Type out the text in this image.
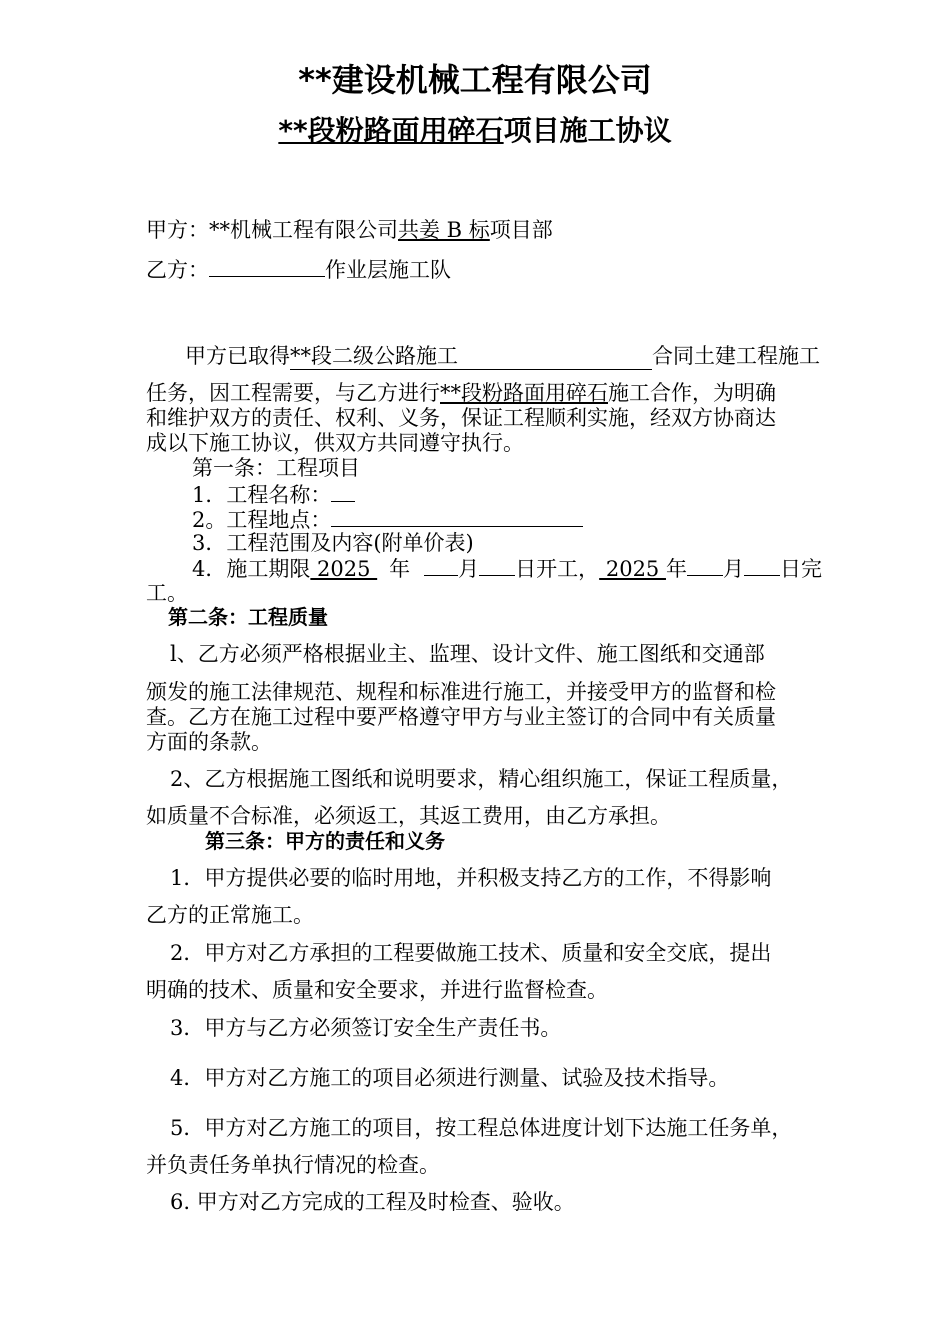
**建设机械工程有限公司
**段粉路面用碎石项目施工协议
甲方：**机械工程有限公司共姜 B 标项目部
乙方：	作业层施工队
甲方已取得**段二级公路施工	合同土建工程施工
任务，因工程需要，与乙方进行**段粉路面用碎石施工合作，为明确
和维护双方的责任、权利、义务，保证工程顺利实施，经双方协商达
成以下施工协议，供双方共同遵守执行。
第一条：工程项目
1．工程名称：
2。工程地点：
3．工程范围及内容(附单价表)
4．施工期限 2025 年 月 日开工， 2025 年 月 日完
工。
第二条：工程质量
l、乙方必须严格根据业主、监理、设计文件、施工图纸和交通部
颁发的施工法律规范、规程和标准进行施工，并接受甲方的监督和检
查。乙方在施工过程中要严格遵守甲方与业主签订的合同中有关质量
方面的条款。
2、乙方根据施工图纸和说明要求，精心组织施工，保证工程质量，
如质量不合标准，必须返工，其返工费用，由乙方承担。
第三条：甲方的责任和义务
1．甲方提供必要的临时用地，并积极支持乙方的工作，不得影响
乙方的正常施工。
2．甲方对乙方承担的工程要做施工技术、质量和安全交底，提出
明确的技术、质量和安全要求，并进行监督检查。
3．甲方与乙方必须签订安全生产责任书。
4．甲方对乙方施工的项目必须进行测量、试验及技术指导。
5．甲方对乙方施工的项目，按工程总体进度计划下达施工任务单，
并负责任务单执行情况的检查。
6. 甲方对乙方完成的工程及时检查、验收。
